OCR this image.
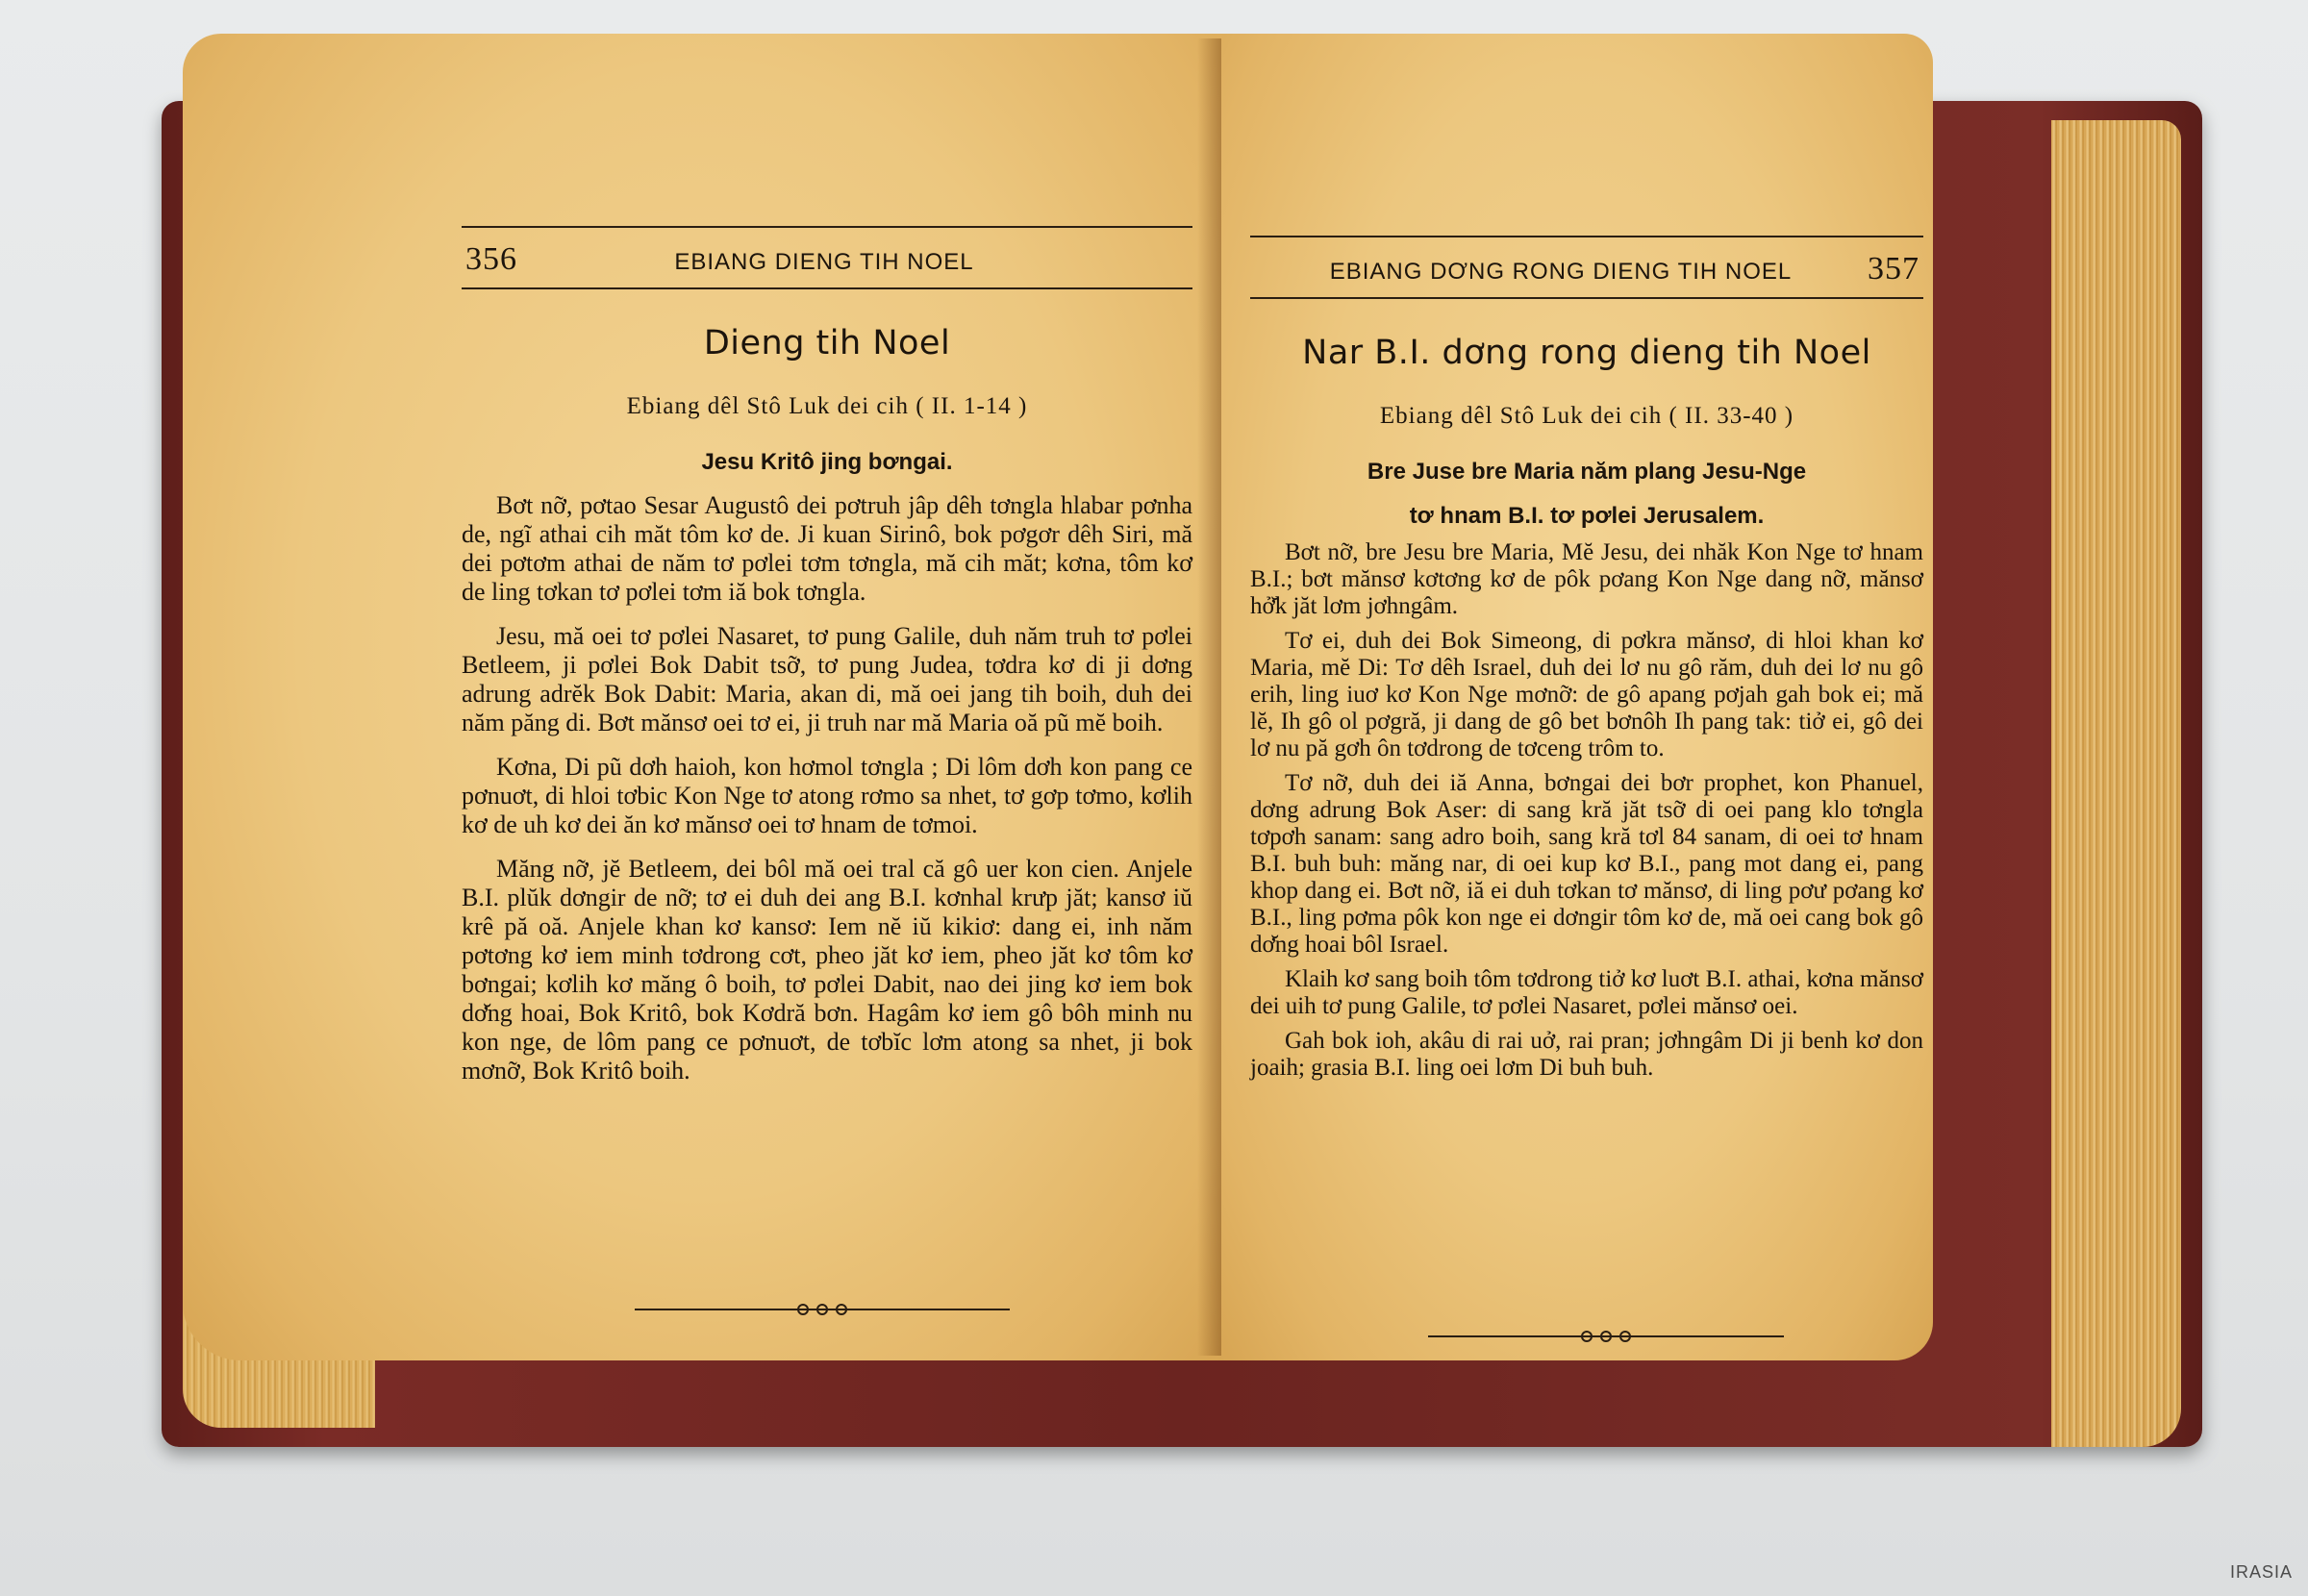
356	EBIANG DIENG TIH NOEL
Dieng tih Noel
Ebiang dêl Stô Luk dei cih ( II. 1-14 )
Jesu Kritô jing bơngai.
Bơt nỡ, pơtao Sesar Augustô dei pơtruh jâp dêh tơngla hlabar pơnha de, ngĩ athai cih măt tôm kơ de. Ji kuan Sirinô, bok pơgơr dêh Siri, mă dei pơtơm athai de năm tơ pơlei tơm tơngla, mă cih măt; kơna, tôm kơ de ling tơkan tơ pơlei tơm iă bok tơngla.
Jesu, mă oei tơ pơlei Nasaret, tơ pung Galile, duh năm truh tơ pơlei Betleem, ji pơlei Bok Dabit tsỡ, tơ pung Judea, tơdra kơ di ji dơng adrung adrĕk Bok Dabit: Maria, akan di, mă oei jang tih boih, duh dei năm păng di. Bơt mănsơ oei tơ ei, ji truh nar mă Maria oă pũ mĕ boih.
Kơna, Di pũ dơh haioh, kon hơmol tơngla ; Di lôm dơh kon pang ce pơnuơt, di hloi tơbic Kon Nge tơ atong rơmo sa nhet, tơ gơp tơmo, kơlih kơ de uh kơ dei ăn kơ mănsơ oei tơ hnam de tơmoi.
Măng nỡ, jĕ Betleem, dei bôl mă oei tral că gô uer kon cien. Anjele B.I. plŭk dơngir de nỡ; tơ ei duh dei ang B.I. kơnhal krưp jăt; kansơ iŭ krê pă oă. Anjele khan kơ kansơ: Iem nĕ iŭ kikiơ: dang ei, inh năm pơtơng kơ iem minh tơdrong cơt, pheo jăt kơ iem, pheo jăt kơ tôm kơ bơngai; kơlih kơ măng ô boih, tơ pơlei Dabit, nao dei jing kơ iem bok dơ̆ng hoai, Bok Kritô, bok Kơdră bơn. Hagâm kơ iem gô bôh minh nu kon nge, de lôm pang ce pơnuơt, de tơbĭc lơm atong sa nhet, ji bok mơnỡ, Bok Kritô boih.
EBIANG DƠNG RONG DIENG TIH NOEL	357
Nar B.I. dơng rong dieng tih Noel
Ebiang dêl Stô Luk dei cih ( II. 33-40 )
Bre Juse bre Maria năm plang Jesu-Nge
tơ hnam B.I. tơ pơlei Jerusalem.
Bơt nỡ, bre Jesu bre Maria, Mĕ Jesu, dei nhăk Kon Nge tơ hnam B.I.; bơt mănsơ kơtơng kơ de pôk pơang Kon Nge dang nỡ, mănsơ hở̆k jăt lơm jơhngâm.
Tơ ei, duh dei Bok Simeong, di pơkra mănsơ, di hloi khan kơ Maria, mĕ Di: Tơ dêh Israel, duh dei lơ nu gô răm, duh dei lơ nu gô erih, ling iuơ kơ Kon Nge mơnỡ: de gô apang pơjah gah bok ei; mă lĕ, Ih gô ol pơgră, ji dang de gô bet bơnôh Ih pang tak: tiở ei, gô dei lơ nu pă gơh ôn tơdrong de tơceng trôm to.
Tơ nỡ, duh dei iă Anna, bơngai dei bơr prophet, kon Phanuel, dơng adrung Bok Aser: di sang kră jăt tsỡ di oei pang klo tơngla tơpơh sanam: sang adro boih, sang kră tơl 84 sanam, di oei tơ hnam B.I. buh buh: măng nar, di oei kup kơ B.I., pang mot dang ei, pang khop dang ei. Bơt nỡ, iă ei duh tơkan tơ mănsơ, di ling pơư pơang kơ B.I., ling pơma pôk kon nge ei dơngir tôm kơ de, mă oei cang bok gô dơ̆ng hoai bôl Israel.
Klaih kơ sang boih tôm tơdrong tiở kơ luơt B.I. athai, kơna mănsơ dei uih tơ pung Galile, tơ pơlei Nasaret, pơlei mănsơ oei.
Gah bok ioh, akâu di rai uở, rai pran; jơhngâm Di ji benh kơ don joaih; grasia B.I. ling oei lơm Di buh buh.
IRASIA
